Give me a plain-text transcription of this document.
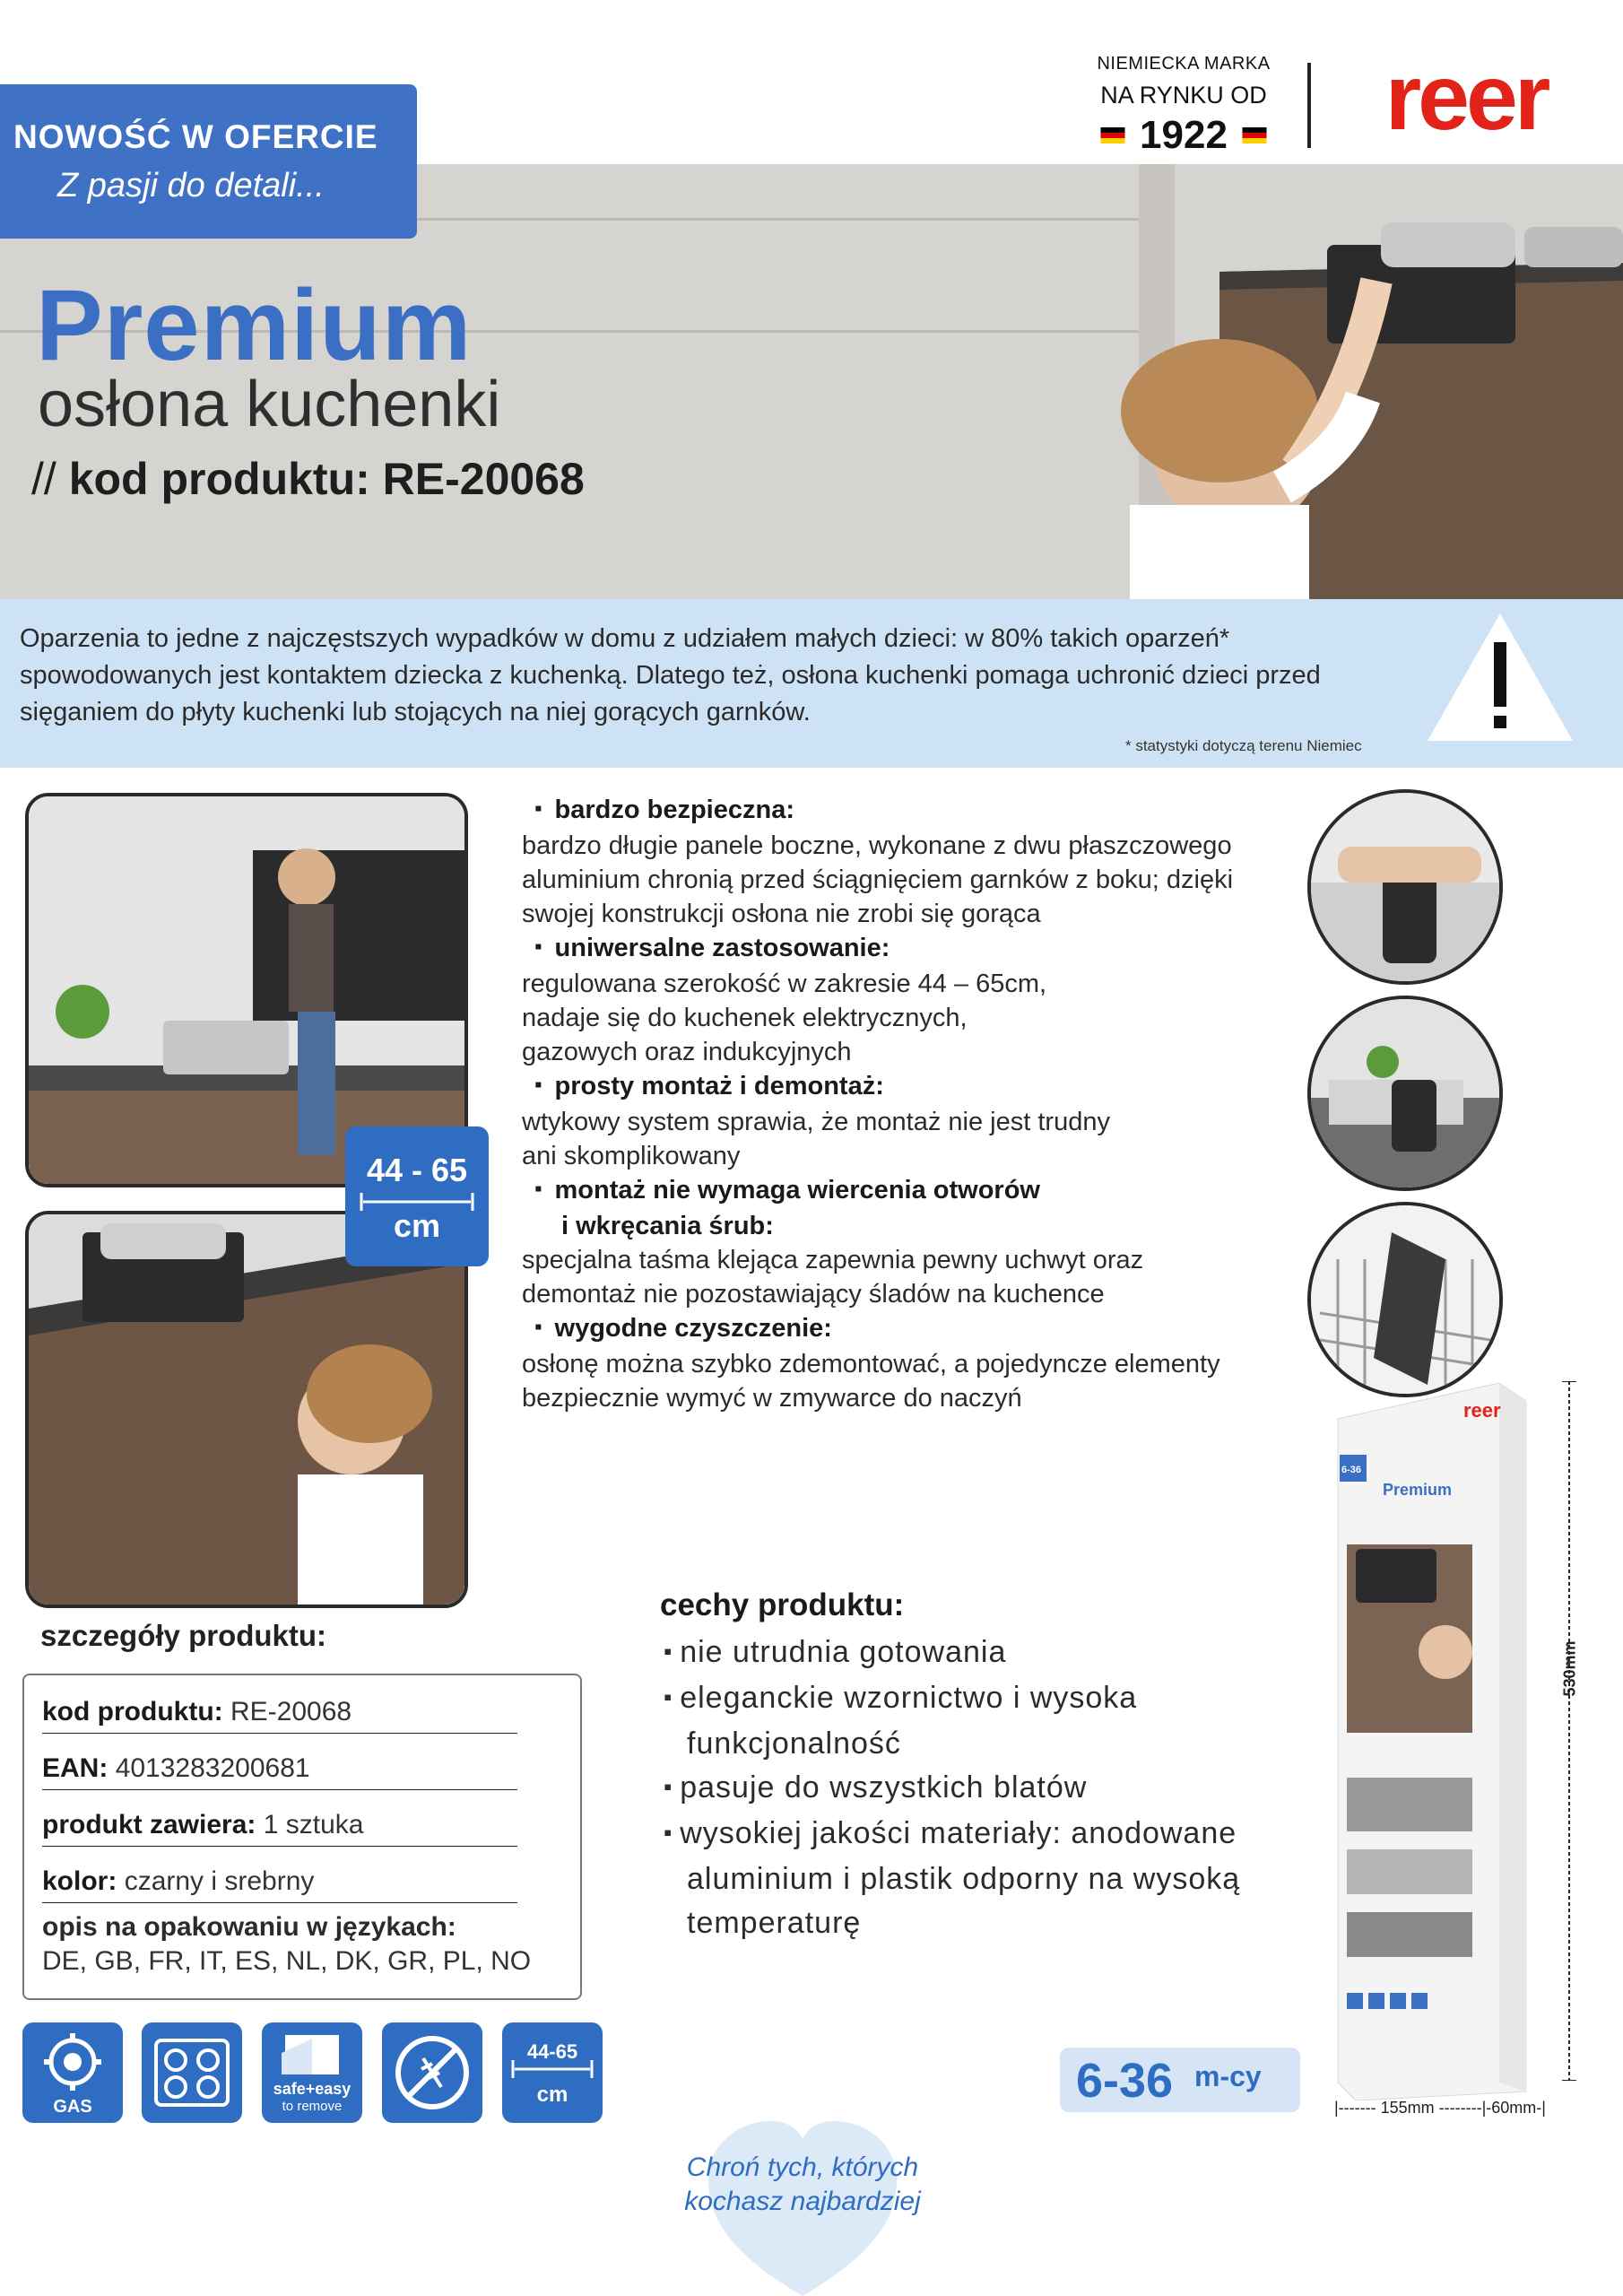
NIEMIECKA MARKA
NA RYNKU OD
1922 reer
NOWOŚĆ W OFERCIE
Z pasji do detali...
Premium
osłona kuchenki
// kod produktu: RE-20068
Oparzenia to jedne z najczęstszych wypadków w domu z udziałem małych dzieci: w 80% takich oparzeń* spowodowanych jest kontaktem dziecka z kuchenką. Dlatego też, osłona kuchenki pomaga uchronić dzieci przed sięganiem do płyty kuchenki lub stojących na niej gorących garnków.
* statystyki dotyczą terenu Niemiec
44 - 65
cm
▪ bardzo bezpieczna:
bardzo długie panele boczne, wykonane z dwu płaszczowego aluminium chronią przed ściągnięciem garnków z boku; dzięki swojej konstrukcji osłona nie zrobi się gorąca
▪ uniwersalne zastosowanie:
regulowana szerokość w zakresie 44 – 65cm, nadaje się do kuchenek elektrycznych, gazowych oraz indukcyjnych
▪ prosty montaż i demontaż:
wtykowy system sprawia, że montaż nie jest trudny ani skomplikowany
▪ montaż nie wymaga wiercenia otworów
i wkręcania śrub:
specjalna taśma klejąca zapewnia pewny uchwyt oraz demontaż nie pozostawiający śladów na kuchence
▪ wygodne czyszczenie:
osłonę można szybko zdemontować, a pojedyncze elementy bezpiecznie wymyć w zmywarce do naczyń	reer
6-36
Premium
530mm
|------- 155mm --------|-60mm-|
szczegóły produktu:
kod produktu: RE-20068
EAN: 4013283200681
produkt zawiera: 1 sztuka
kolor: czarny i srebrny
opis na opakowaniu w językach:
DE, GB, FR, IT, ES, NL, DK, GR, PL, NO
cechy produktu:
▪ nie utrudnia gotowania
▪ eleganckie wzornictwo i wysoka
funkcjonalność
▪ pasuje do wszystkich blatów
▪ wysokiej jakości materiały: anodowane
aluminium i plastik odporny na wysoką
temperaturę
GAS
safe+easy
to remove
44-65
cm	6-36 m-cy
Chroń tych, których
kochasz najbardziej
